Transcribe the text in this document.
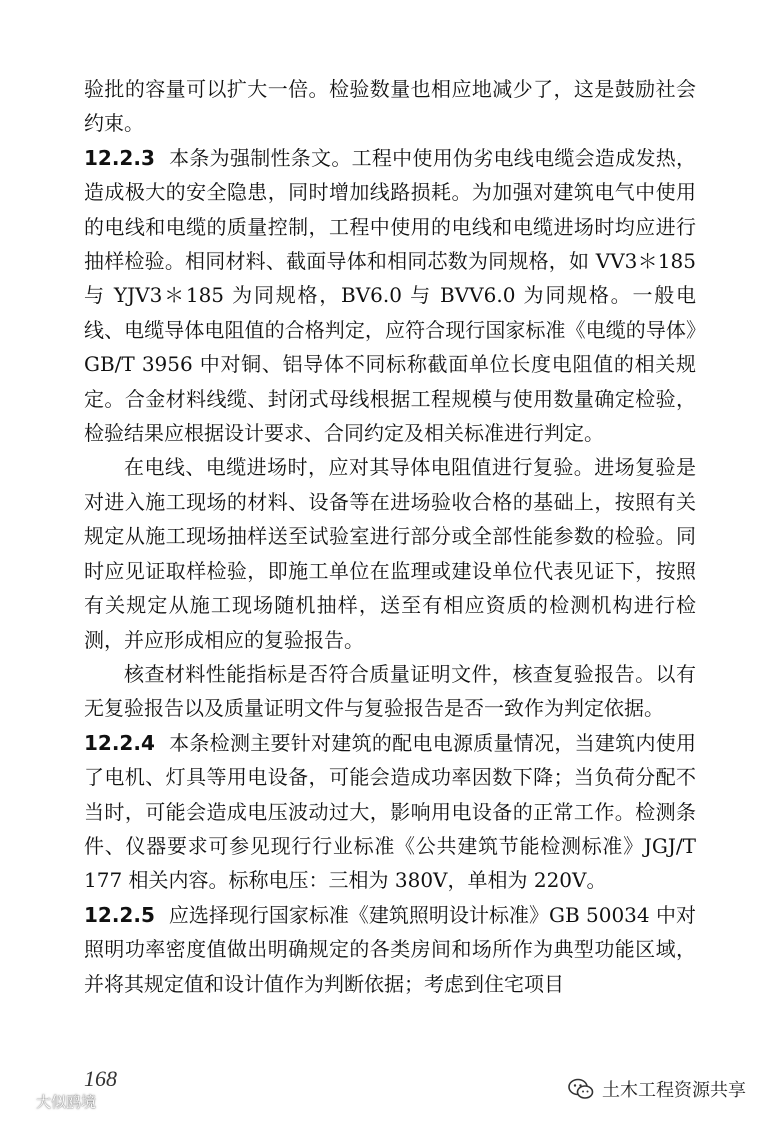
验批的容量可以扩大一倍。检验数量也相应地减少了，这是鼓励社会约束。

12.2.3 本条为强制性条文。工程中使用伪劣电线电缆会造成发热，造成极大的安全隐患，同时增加线路损耗。为加强对建筑电气中使用的电线和电缆的质量控制，工程中使用的电线和电缆进场时均应进行抽样检验。相同材料、截面导体和相同芯数为同规格，如 VV3＊185 与 YJV3＊185 为同规格，BV6.0 与 BVV6.0 为同规格。一般电线、电缆导体电阻值的合格判定，应符合现行国家标准《电缆的导体》GB/T 3956 中对铜、铝导体不同标称截面单位长度电阻值的相关规定。合金材料线缆、封闭式母线根据工程规模与使用数量确定检验，检验结果应根据设计要求、合同约定及相关标准进行判定。

在电线、电缆进场时，应对其导体电阻值进行复验。进场复验是对进入施工现场的材料、设备等在进场验收合格的基础上，按照有关规定从施工现场抽样送至试验室进行部分或全部性能参数的检验。同时应见证取样检验，即施工单位在监理或建设单位代表见证下，按照有关规定从施工现场随机抽样，送至有相应资质的检测机构进行检测，并应形成相应的复验报告。

核查材料性能指标是否符合质量证明文件，核查复验报告。以有无复验报告以及质量证明文件与复验报告是否一致作为判定依据。

12.2.4 本条检测主要针对建筑的配电电源质量情况，当建筑内使用了电机、灯具等用电设备，可能会造成功率因数下降；当负荷分配不当时，可能会造成电压波动过大，影响用电设备的正常工作。检测条件、仪器要求可参见现行行业标准《公共建筑节能检测标准》JGJ/T 177 相关内容。标称电压：三相为 380V，单相为 220V。

12.2.5 应选择现行国家标准《建筑照明设计标准》GB 50034 中对照明功率密度值做出明确规定的各类房间和场所作为典型功能区域，并将其规定值和设计值作为判断依据；考虑到住宅项目

168
大似鸥境
土木工程资源共享
